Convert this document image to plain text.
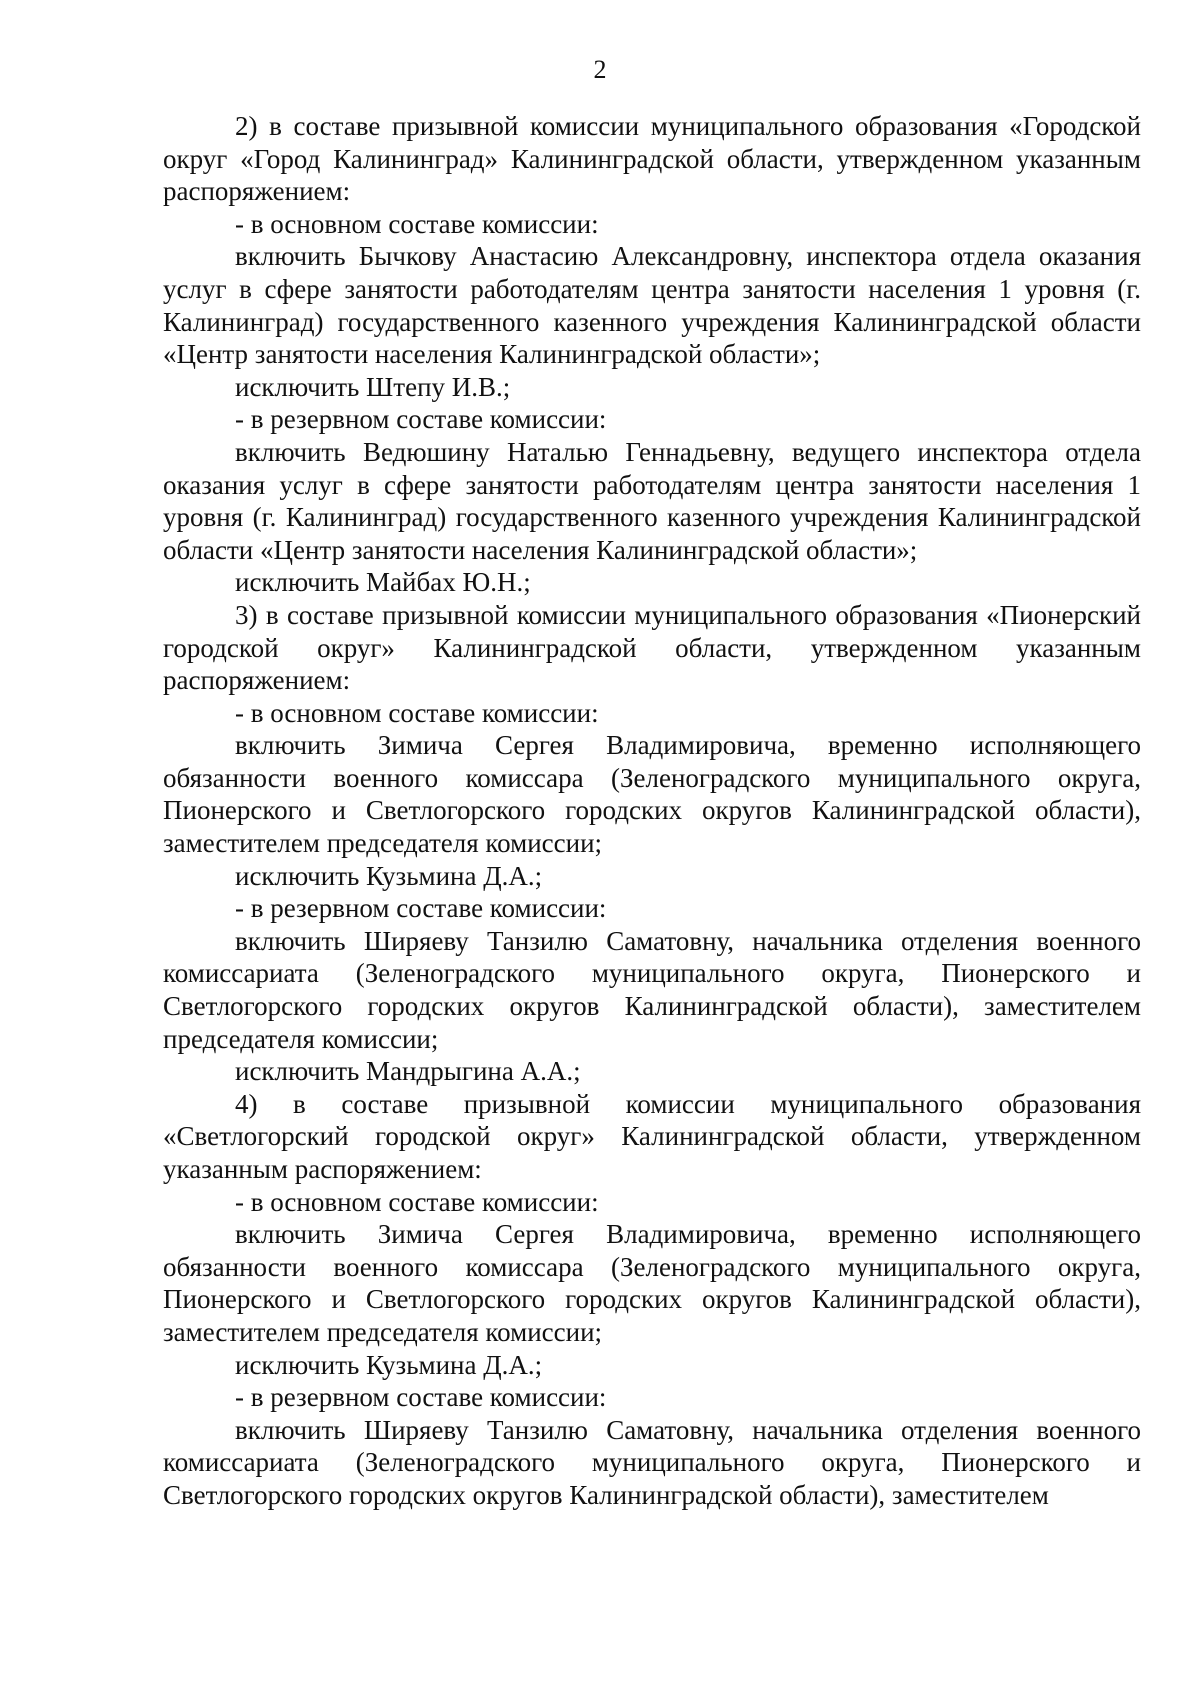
2

2) в составе призывной комиссии муниципального образования «Городской округ «Город Калининград» Калининградской области, утвержденном указанным распоряжением:

- в основном составе комиссии:

включить Бычкову Анастасию Александровну, инспектора отдела оказания услуг в сфере занятости работодателям центра занятости населения 1 уровня (г. Калининград) государственного казенного учреждения Калининградской области «Центр занятости населения Калининградской области»;

исключить Штепу И.В.;

- в резервном составе комиссии:

включить Ведюшину Наталью Геннадьевну, ведущего инспектора отдела оказания услуг в сфере занятости работодателям центра занятости населения 1 уровня (г. Калининград) государственного казенного учреждения Калининградской области «Центр занятости населения Калининградской области»;

исключить Майбах Ю.Н.;

3) в составе призывной комиссии муниципального образования «Пионерский городской округ» Калининградской области, утвержденном указанным распоряжением:

- в основном составе комиссии:

включить Зимича Сергея Владимировича, временно исполняющего обязанности военного комиссара (Зеленоградского муниципального округа, Пионерского и Светлогорского городских округов Калининградской области), заместителем председателя комиссии;

исключить Кузьмина Д.А.;

- в резервном составе комиссии:

включить Ширяеву Танзилю Саматовну, начальника отделения военного комиссариата (Зеленоградского муниципального округа, Пионерского и Светлогорского городских округов Калининградской области), заместителем председателя комиссии;

исключить Мандрыгина А.А.;

4) в составе призывной комиссии муниципального образования «Светлогорский городской округ» Калининградской области, утвержденном указанным распоряжением:

- в основном составе комиссии:

включить Зимича Сергея Владимировича, временно исполняющего обязанности военного комиссара (Зеленоградского муниципального округа, Пионерского и Светлогорского городских округов Калининградской области), заместителем председателя комиссии;

исключить Кузьмина Д.А.;

- в резервном составе комиссии:

включить Ширяеву Танзилю Саматовну, начальника отделения военного комиссариата (Зеленоградского муниципального округа, Пионерского и Светлогорского городских округов Калининградской области), заместителем
